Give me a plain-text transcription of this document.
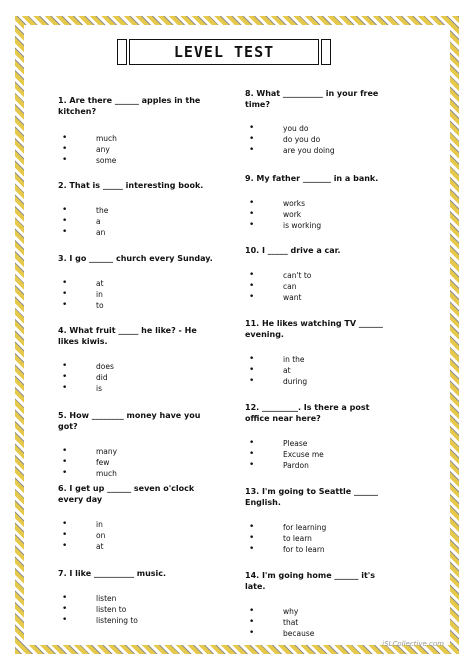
LEVEL TEST

1. Are there ______ apples in the kitchen?

• much
• any
• some

2. That is _____ interesting book.

• the
• a
• an

3. I go ______ church every Sunday.

• at
• in
• to

4. What fruit _____ he like? - He likes kiwis.

• does
• did
• is

5. How ________ money have you got?

• many
• few
• much

6. I get up ______ seven o'clock every day

• in
• on
• at

7. I like __________ music.

• listen
• listen to
• listening to

8. What __________ in your free time?

• you do
• do you do
• are you doing

9. My father _______ in a bank.

• works
• work
• is working

10. I _____ drive a car.

• can't to
• can
• want

11. He likes watching TV ______ evening.

• in the
• at
• during

12. _________. Is there a post office near here?

• Please
• Excuse me
• Pardon

13. I'm going to Seattle ______ English.

• for learning
• to learn
• for to learn

14. I'm going home ______ it's late.

• why
• that
• because
iSLCollective.com
